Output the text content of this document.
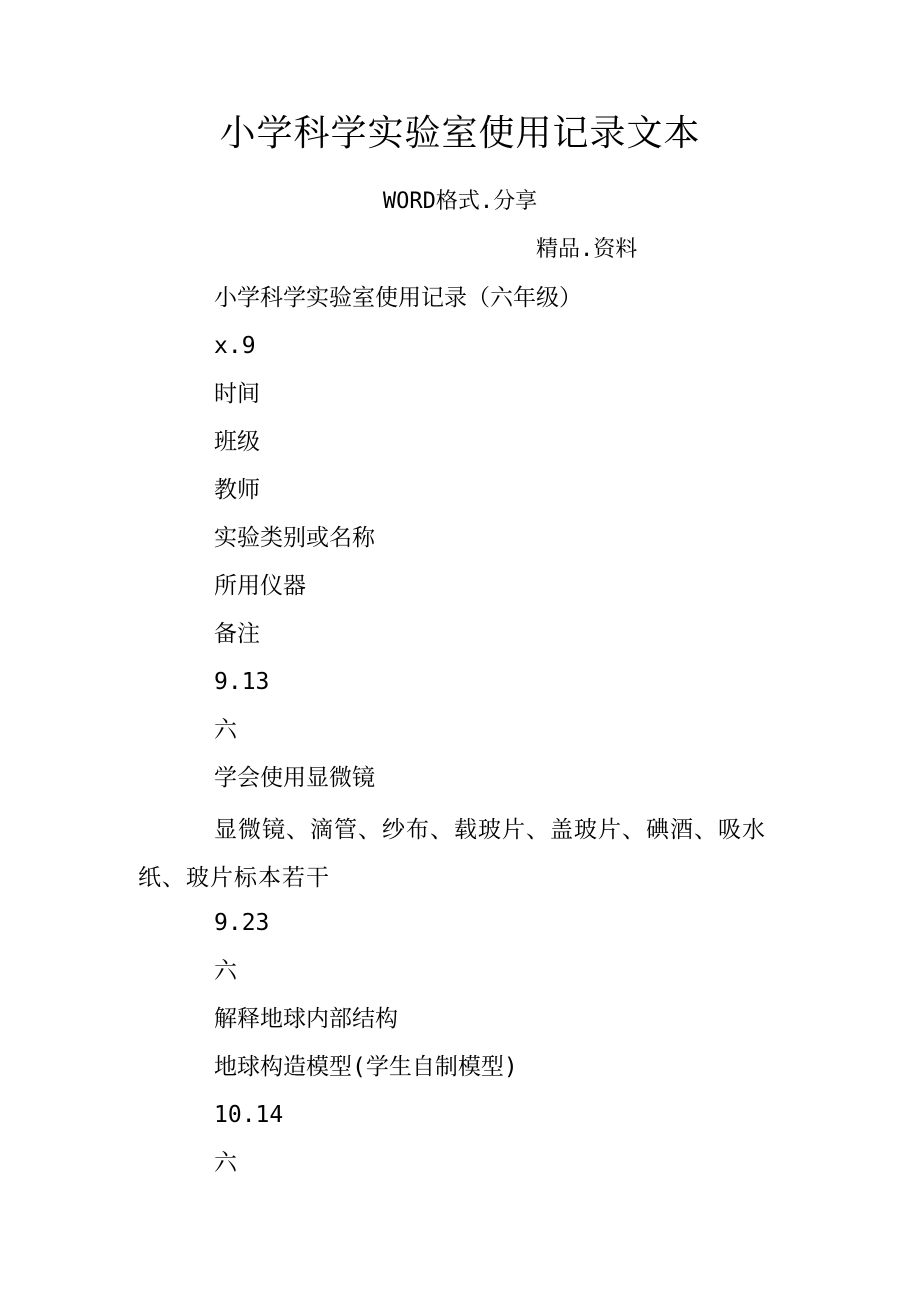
小学科学实验室使用记录文本
WORD格式.分享
精品.资料
小学科学实验室使用记录（六年级）
x.9
时间
班级
教师
实验类别或名称
所用仪器
备注
9.13
六
学会使用显微镜
显微镜、滴管、纱布、载玻片、盖玻片、碘酒、吸水纸、玻片标本若干
9.23
六
解释地球内部结构
地球构造模型(学生自制模型)
10.14
六
